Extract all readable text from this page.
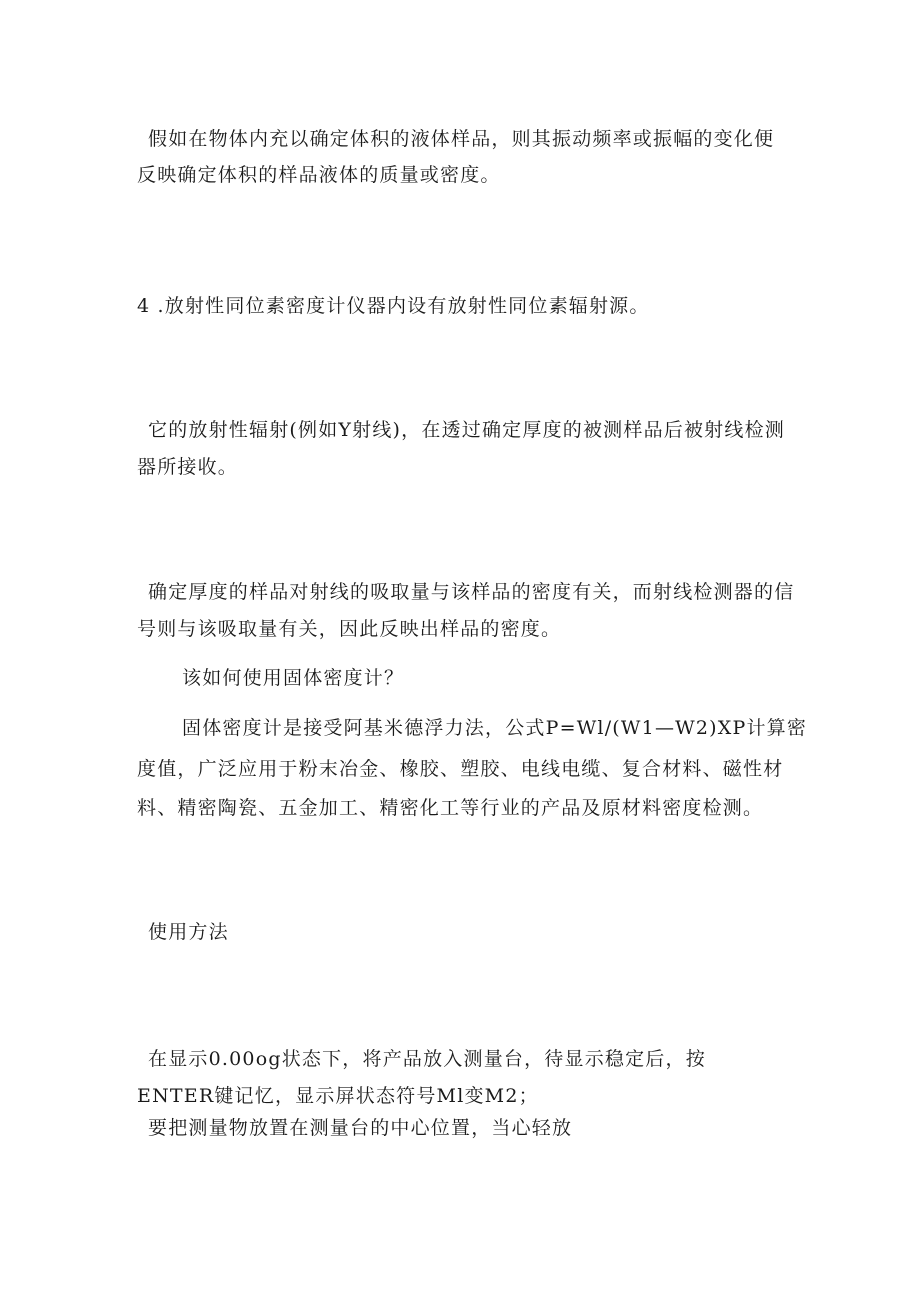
假如在物体内充以确定体积的液体样品，则其振动频率或振幅的变化便
反映确定体积的样品液体的质量或密度。
4 .放射性同位素密度计仪器内设有放射性同位素辐射源。
它的放射性辐射(例如Y射线)，在透过确定厚度的被测样品后被射线检测
器所接收。
确定厚度的样品对射线的吸取量与该样品的密度有关，而射线检测器的信
号则与该吸取量有关，因此反映出样品的密度。
该如何使用固体密度计？
固体密度计是接受阿基米德浮力法，公式P=Wl/(W1—W2)XP计算密
度值，广泛应用于粉末冶金、橡胶、塑胶、电线电缆、复合材料、磁性材
料、精密陶瓷、五金加工、精密化工等行业的产品及原材料密度检测。
使用方法
在显示0.00og状态下，将产品放入测量台，待显示稳定后，按
ENTER键记忆，显示屏状态符号Ml变M2；
要把测量物放置在测量台的中心位置，当心轻放
